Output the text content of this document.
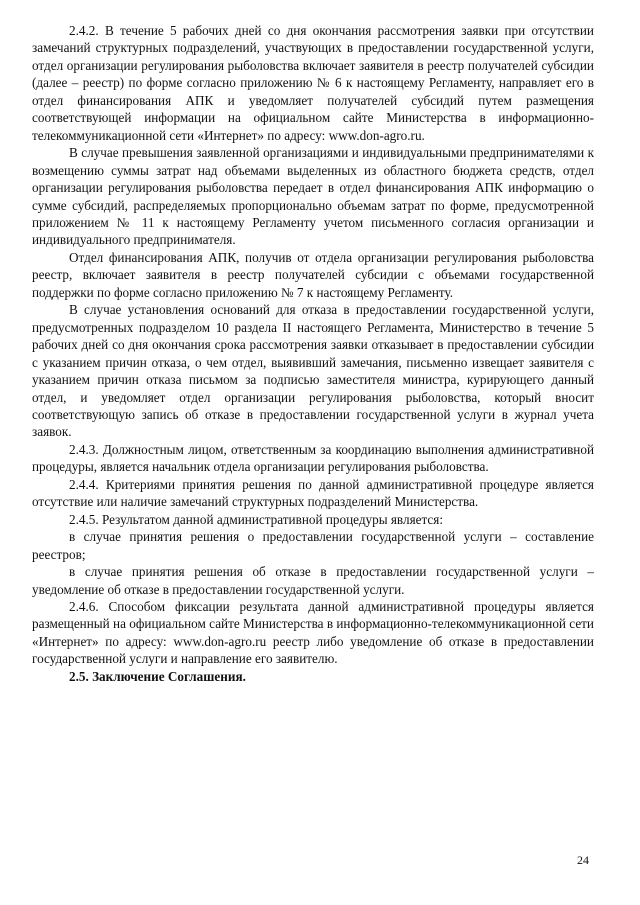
2.4.2. В течение 5 рабочих дней со дня окончания рассмотрения заявки при отсутствии замечаний структурных подразделений, участвующих в предоставлении государственной услуги, отдел организации регулирования рыболовства включает заявителя в реестр получателей субсидии (далее – реестр) по форме согласно приложению № 6 к настоящему Регламенту, направляет его в отдел финансирования АПК и уведомляет получателей субсидий путем размещения соответствующей информации на официальном сайте Министерства в информационно-телекоммуникационной сети «Интернет» по адресу: www.don-agro.ru.

В случае превышения заявленной организациями и индивидуальными предпринимателями к возмещению суммы затрат над объемами выделенных из областного бюджета средств, отдел организации регулирования рыболовства передает в отдел финансирования АПК информацию о сумме субсидий, распределяемых пропорционально объемам затрат по форме, предусмотренной приложением № 11 к настоящему Регламенту учетом письменного согласия организации и индивидуального предпринимателя.

Отдел финансирования АПК, получив от отдела организации регулирования рыболовства реестр, включает заявителя в реестр получателей субсидии с объемами государственной поддержки по форме согласно приложению № 7 к настоящему Регламенту.

В случае установления оснований для отказа в предоставлении государственной услуги, предусмотренных подразделом 10 раздела II настоящего Регламента, Министерство в течение 5 рабочих дней со дня окончания срока рассмотрения заявки отказывает в предоставлении субсидии с указанием причин отказа, о чем отдел, выявивший замечания, письменно извещает заявителя с указанием причин отказа письмом за подписью заместителя министра, курирующего данный отдел, и уведомляет отдел организации регулирования рыболовства, который вносит соответствующую запись об отказе в предоставлении государственной услуги в журнал учета заявок.

2.4.3. Должностным лицом, ответственным за координацию выполнения административной процедуры, является начальник отдела организации регулирования рыболовства.

2.4.4. Критериями принятия решения по данной административной процедуре является отсутствие или наличие замечаний структурных подразделений Министерства.

2.4.5. Результатом данной административной процедуры является:

в случае принятия решения о предоставлении государственной услуги – составление реестров;

в случае принятия решения об отказе в предоставлении государственной услуги – уведомление об отказе в предоставлении государственной услуги.

2.4.6. Способом фиксации результата данной административной процедуры является размещенный на официальном сайте Министерства в информационно-телекоммуникационной сети «Интернет» по адресу: www.don-agro.ru реестр либо уведомление об отказе в предоставлении государственной услуги и направление его заявителю.

2.5. Заключение Соглашения.

24
